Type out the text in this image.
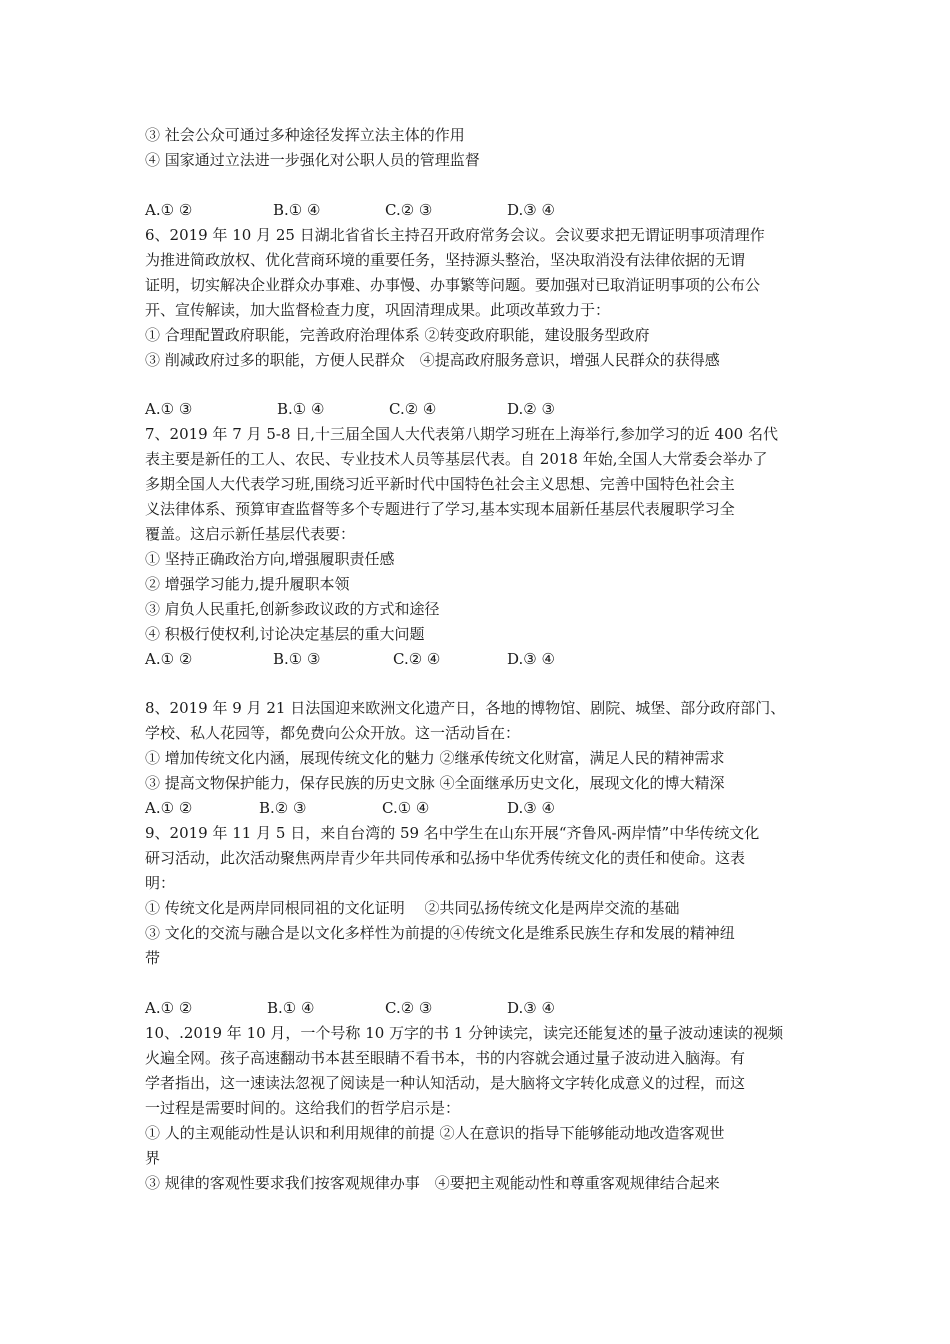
③ 社会公众可通过多种途径发挥立法主体的作用
④ 国家通过立法进一步强化对公职人员的管理监督
A.① ②	B.① ④	C.② ③	D.③ ④
6、2019 年 10 月 25 日湖北省省长主持召开政府常务会议。会议要求把无谓证明事项清理作
为推进简政放权、优化营商环境的重要任务，坚持源头整治，坚决取消没有法律依据的无谓
证明，切实解决企业群众办事难、办事慢、办事繁等问题。要加强对已取消证明事项的公布公
开、宣传解读，加大监督检查力度，巩固清理成果。此项改革致力于：
① 合理配置政府职能，完善政府治理体系 ②转变政府职能，建设服务型政府
③ 削减政府过多的职能，方便人民群众　④提高政府服务意识，增强人民群众的获得感
A.① ③	B.① ④	C.② ④	D.② ③
7、2019 年 7 月 5-8 日,十三届全国人大代表第八期学习班在上海举行,参加学习的近 400 名代
表主要是新任的工人、农民、专业技术人员等基层代表。自 2018 年始,全国人大常委会举办了
多期全国人大代表学习班,围绕习近平新时代中国特色社会主义思想、完善中国特色社会主
义法律体系、预算审查监督等多个专题进行了学习,基本实现本届新任基层代表履职学习全
覆盖。这启示新任基层代表要：
① 坚持正确政治方向,增强履职责任感
② 增强学习能力,提升履职本领
③ 肩负人民重托,创新参政议政的方式和途径
④ 积极行使权利,讨论决定基层的重大问题
A.① ②	B.① ③	C.② ④	D.③ ④
8、2019 年 9 月 21 日法国迎来欧洲文化遗产日，各地的博物馆、剧院、城堡、部分政府部门、
学校、私人花园等，都免费向公众开放。这一活动旨在：
① 增加传统文化内涵，展现传统文化的魅力 ②继承传统文化财富，满足人民的精神需求
③ 提高文物保护能力，保存民族的历史文脉 ④全面继承历史文化，展现文化的博大精深
A.① ②	B.② ③	C.① ④	D.③ ④
9、2019 年 11 月 5 日，来自台湾的 59 名中学生在山东开展“齐鲁风-两岸情”中华传统文化
研习活动，此次活动聚焦两岸青少年共同传承和弘扬中华优秀传统文化的责任和使命。这表
明：
① 传统文化是两岸同根同祖的文化证明　 ②共同弘扬传统文化是两岸交流的基础
③ 文化的交流与融合是以文化多样性为前提的④传统文化是维系民族生存和发展的精神纽
带
A.① ②	B.① ④	C.② ③	D.③ ④
10、.2019 年 10 月，一个号称 10 万字的书 1 分钟读完，读完还能复述的量子波动速读的视频
火遍全网。孩子高速翻动书本甚至眼睛不看书本，书的内容就会通过量子波动进入脑海。有
学者指出，这一速读法忽视了阅读是一种认知活动，是大脑将文字转化成意义的过程，而这
一过程是需要时间的。这给我们的哲学启示是：
① 人的主观能动性是认识和利用规律的前提 ②人在意识的指导下能够能动地改造客观世
界
③ 规律的客观性要求我们按客观规律办事　④要把主观能动性和尊重客观规律结合起来
